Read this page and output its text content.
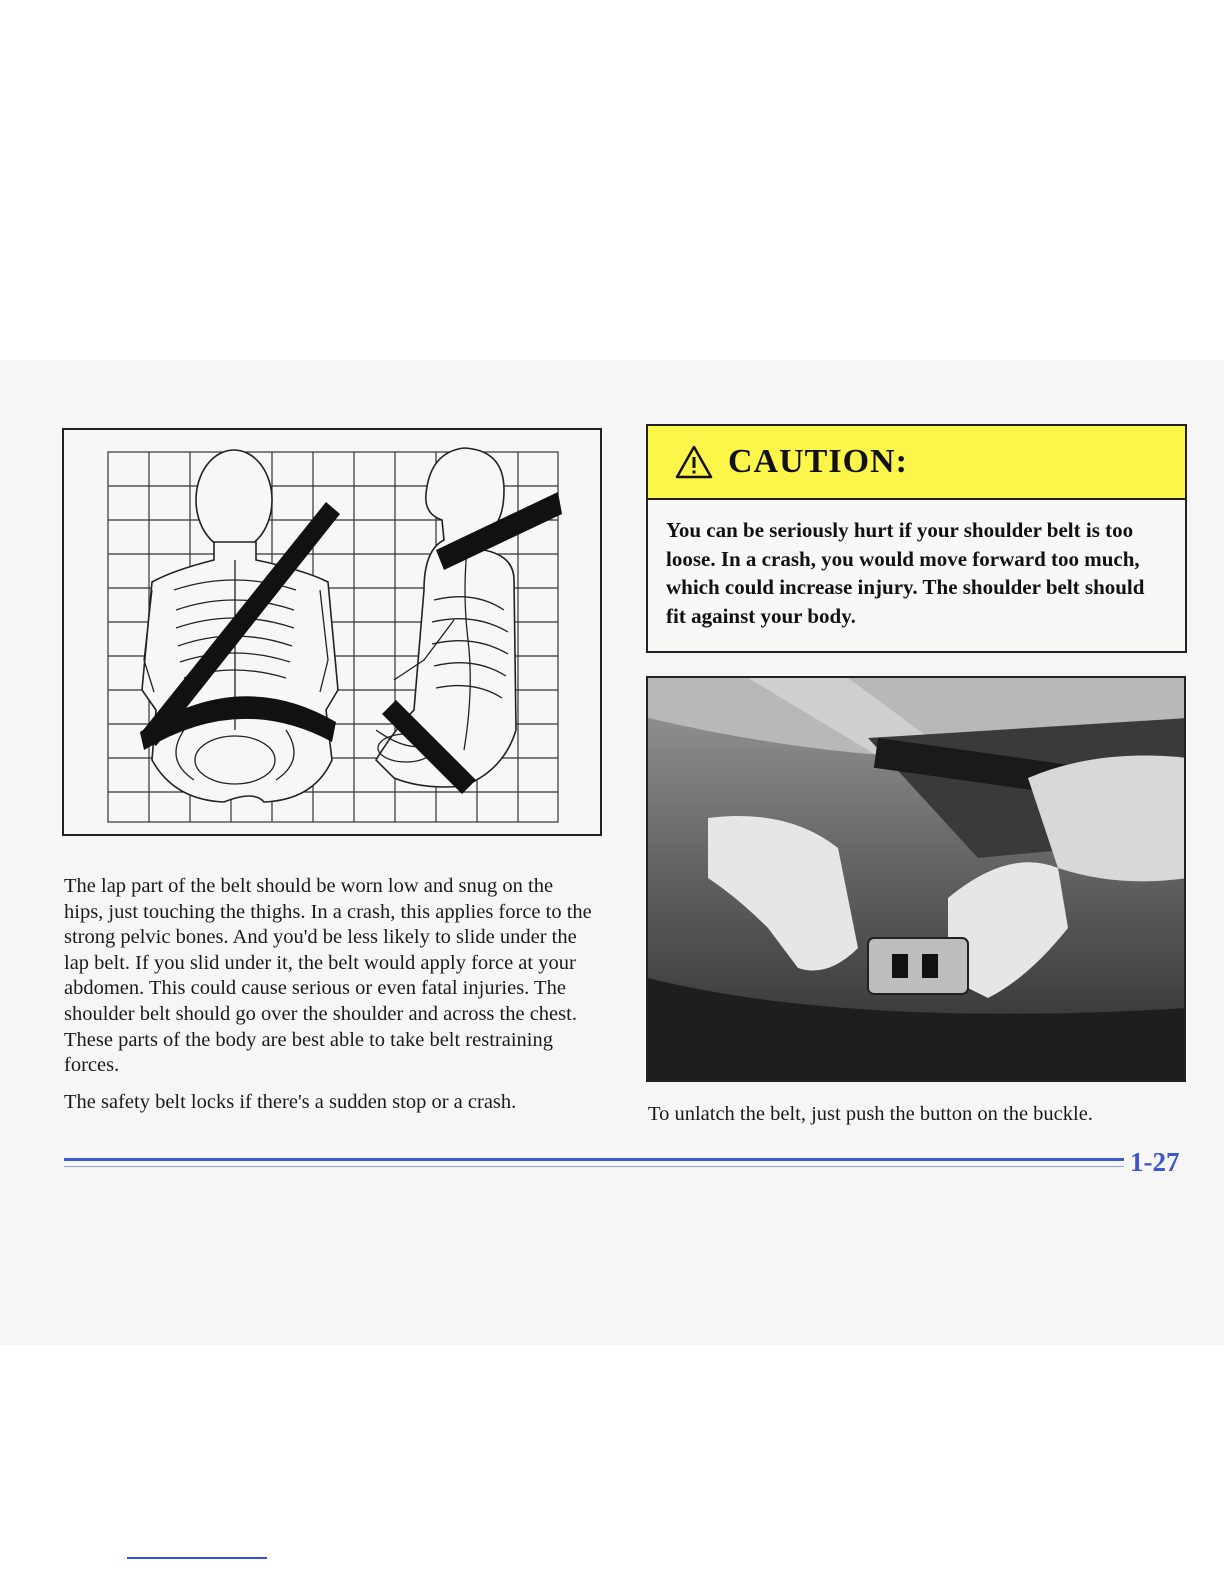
The lap part of the belt should be worn low and snug on the hips, just touching the thighs. In a crash, this applies force to the strong pelvic bones. And you'd be less likely to slide under the lap belt. If you slid under it, the belt would apply force at your abdomen. This could cause serious or even fatal injuries. The shoulder belt should go over the shoulder and across the chest. These parts of the body are best able to take belt restraining forces.

The safety belt locks if there's a sudden stop or a crash.

CAUTION:

You can be seriously hurt if your shoulder belt is too loose. In a crash, you would move forward too much, which could increase injury. The shoulder belt should fit against your body.

To unlatch the belt, just push the button on the buckle.

1-27
